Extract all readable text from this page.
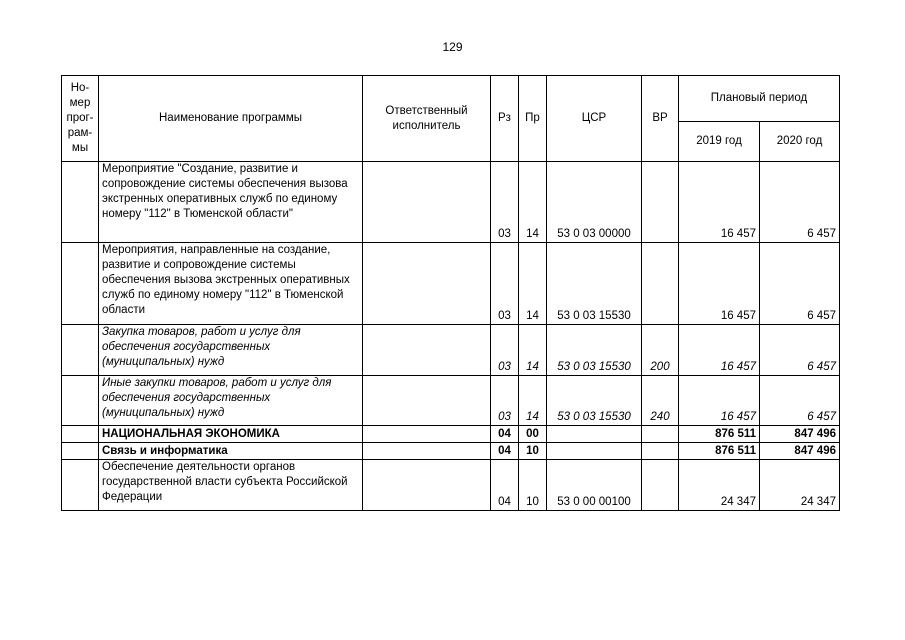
129
Но-мер прог-рам-мы	Наименование программы	Ответственный исполнитель	Рз	Пр	ЦСР	ВР	Плановый период	
							2019 год	2020 год
	Мероприятие "Создание, развитие и сопровождение системы обеспечения вызова экстренных оперативных служб по единому номеру "112" в Тюменской области"		03	14	53 0 03 00000		16 457	6 457
	Мероприятия, направленные на создание, развитие и сопровождение системы обеспечения вызова экстренных оперативных служб по единому номеру "112" в Тюменской области		03	14	53 0 03 15530		16 457	6 457
	Закупка товаров, работ и услуг для обеспечения государственных (муниципальных) нужд		03	14	53 0 03 15530	200	16 457	6 457
	Иные закупки товаров, работ и услуг для обеспечения государственных (муниципальных) нужд		03	14	53 0 03 15530	240	16 457	6 457
	НАЦИОНАЛЬНАЯ ЭКОНОМИКА		04	00			876 511	847 496
	Связь и информатика		04	10			876 511	847 496
	Обеспечение деятельности органов государственной власти субъекта Российской Федерации		04	10	53 0 00 00100		24 347	24 347
